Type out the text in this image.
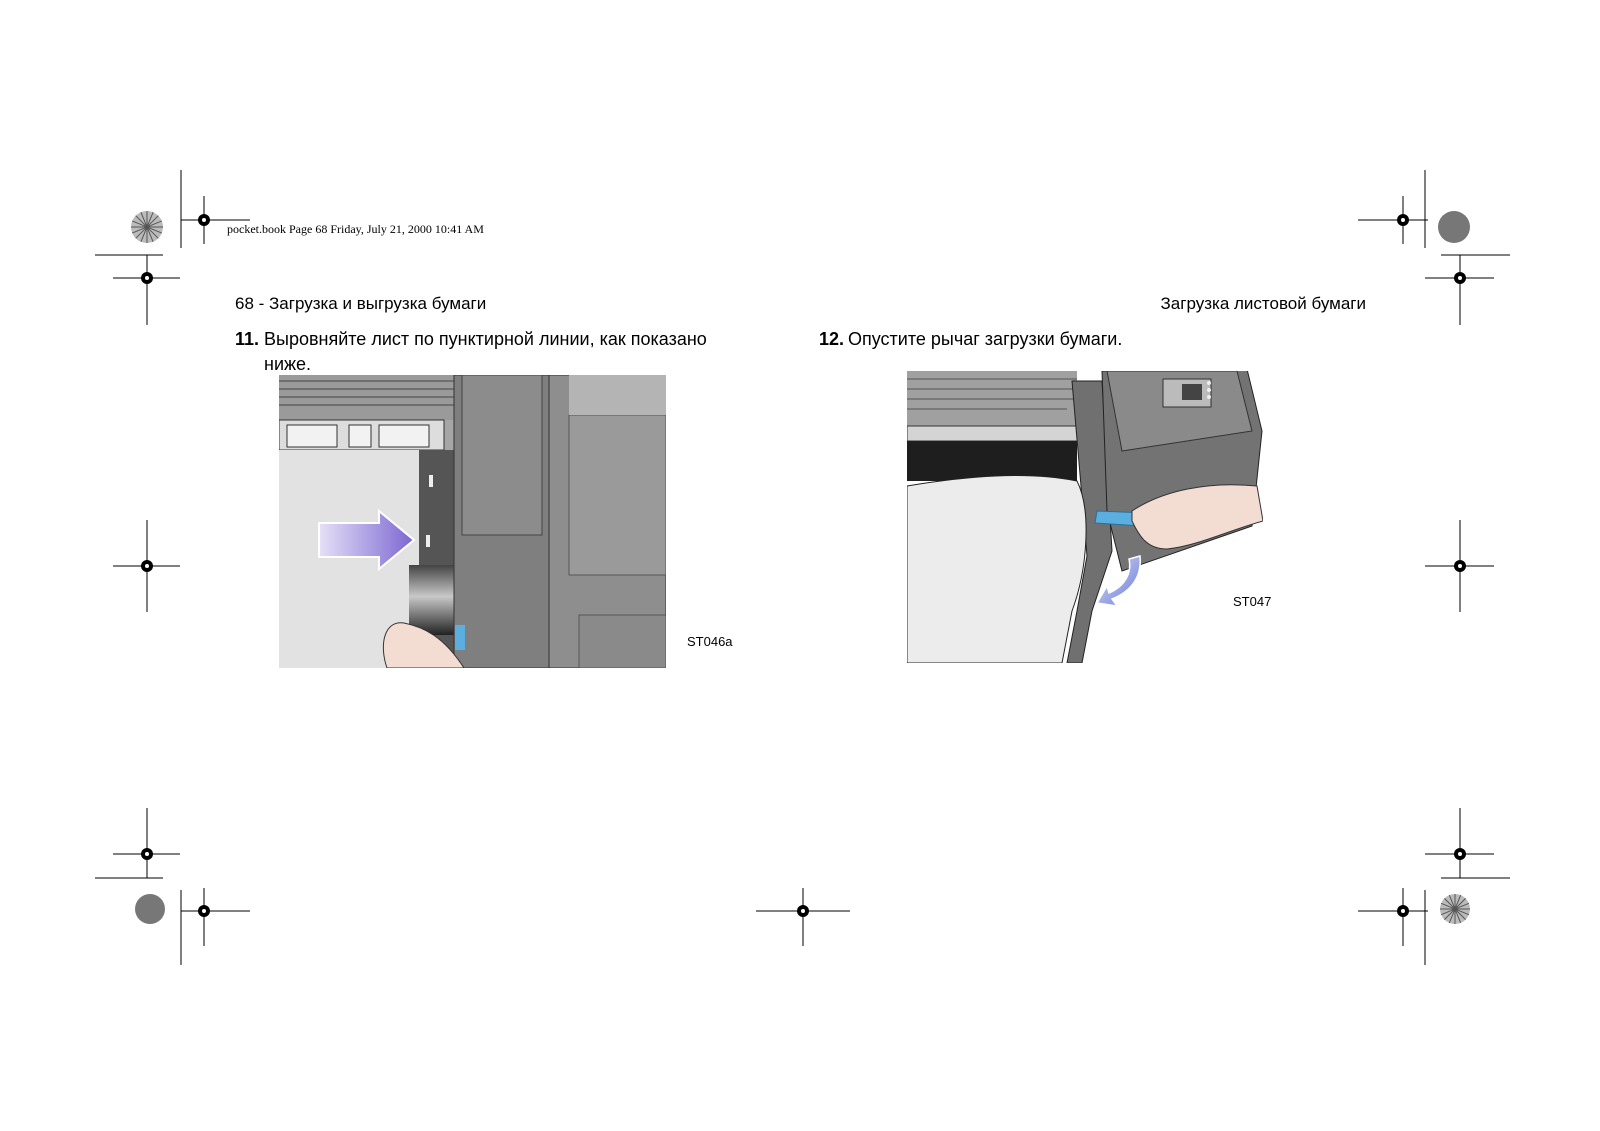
pocket.book Page 68 Friday, July 21, 2000 10:41 AM
68 - Загрузка и выгрузка бумаги	Загрузка листовой бумаги
11. Выровняйте лист по пунктирной линии, как показано
ниже.
12. Опустите рычаг загрузки бумаги.
ST046a
ST047
